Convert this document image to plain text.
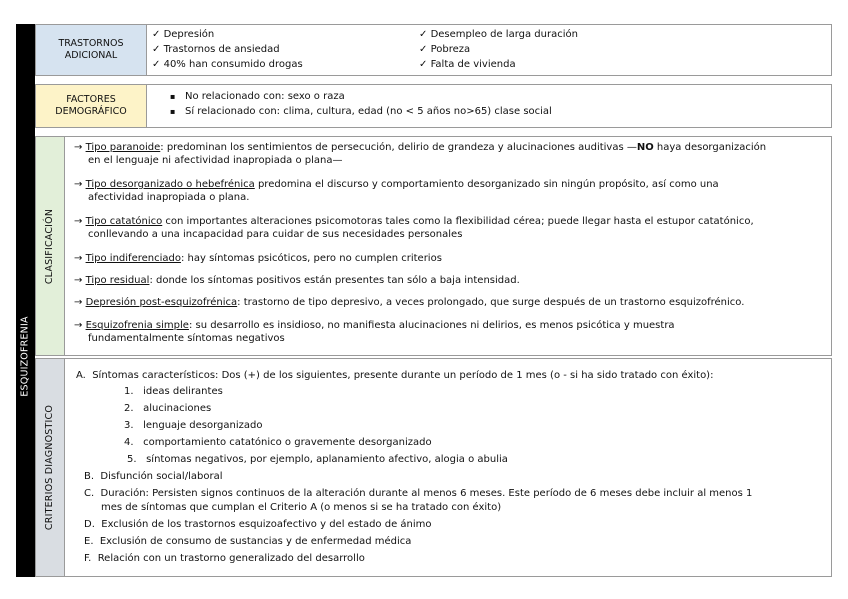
ESQUIZOFRENIA
TRASTORNOS
ADICIONAL
✓ Depresión
✓ Trastornos de ansiedad
✓ 40% han consumido drogas
✓ Desempleo de larga duración
✓ Pobreza
✓ Falta de vivienda
FACTORES
DEMOGRÁFICO
▪ No relacionado con: sexo o raza
▪ Sí relacionado con: clima, cultura, edad (no < 5 años no>65) clase social
CLASIFICACIÓN
→ Tipo paranoide: predominan los sentimientos de persecución, delirio de grandeza y alucinaciones auditivas —NO haya desorganización
en el lenguaje ni afectividad inapropiada o plana—
→ Tipo desorganizado o hebefrénica predomina el discurso y comportamiento desorganizado sin ningún propósito, así como una
afectividad inapropiada o plana.
→ Tipo catatónico con importantes alteraciones psicomotoras tales como la flexibilidad cérea; puede llegar hasta el estupor catatónico,
conllevando a una incapacidad para cuidar de sus necesidades personales
→ Tipo indiferenciado: hay síntomas psicóticos, pero no cumplen criterios
→ Tipo residual: donde los síntomas positivos están presentes tan sólo a baja intensidad.
→ Depresión post-esquizofrénica: trastorno de tipo depresivo, a veces prolongado, que surge después de un trastorno esquizofrénico.
→ Esquizofrenia simple: su desarrollo es insidioso, no manifiesta alucinaciones ni delirios, es menos psicótica y muestra
fundamentalmente síntomas negativos
CRITERIOS DIAGNOSTICO
A. Síntomas característicos: Dos (+) de los siguientes, presente durante un período de 1 mes (o - si ha sido tratado con éxito):
1. ideas delirantes
2. alucinaciones
3. lenguaje desorganizado
4. comportamiento catatónico o gravemente desorganizado
5. síntomas negativos, por ejemplo, aplanamiento afectivo, alogia o abulia
B. Disfunción social/laboral
C. Duración: Persisten signos continuos de la alteración durante al menos 6 meses. Este período de 6 meses debe incluir al menos 1
mes de síntomas que cumplan el Criterio A (o menos si se ha tratado con éxito)
D. Exclusión de los trastornos esquizoafectivo y del estado de ánimo
E. Exclusión de consumo de sustancias y de enfermedad médica
F. Relación con un trastorno generalizado del desarrollo
